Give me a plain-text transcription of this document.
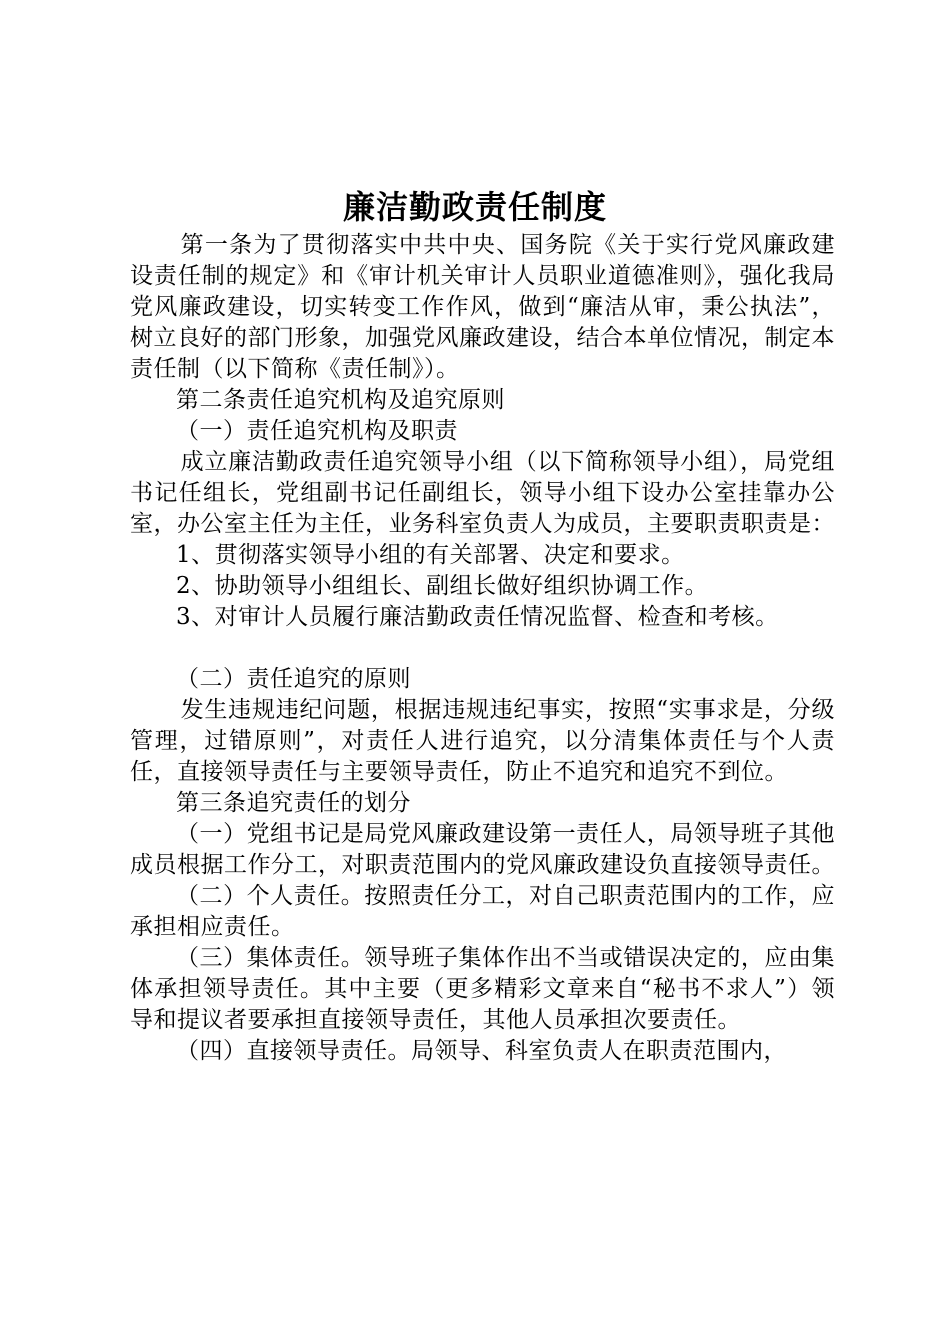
廉洁勤政责任制度

第一条为了贯彻落实中共中央、国务院《关于实行党风廉政建设责任制的规定》和《审计机关审计人员职业道德准则》，强化我局党风廉政建设，切实转变工作作风，做到“廉洁从审，秉公执法”，树立良好的部门形象，加强党风廉政建设，结合本单位情况，制定本责任制（以下简称《责任制》）。

第二条责任追究机构及追究原则

（一）责任追究机构及职责

成立廉洁勤政责任追究领导小组（以下简称领导小组），局党组书记任组长，党组副书记任副组长，领导小组下设办公室挂靠办公室，办公室主任为主任，业务科室负责人为成员，主要职责职责是：

1、贯彻落实领导小组的有关部署、决定和要求。

2、协助领导小组组长、副组长做好组织协调工作。

3、对审计人员履行廉洁勤政责任情况监督、检查和考核。

（二）责任追究的原则

发生违规违纪问题，根据违规违纪事实，按照“实事求是，分级管理，过错原则”，对责任人进行追究，以分清集体责任与个人责任，直接领导责任与主要领导责任，防止不追究和追究不到位。

第三条追究责任的划分

（一）党组书记是局党风廉政建设第一责任人，局领导班子其他成员根据工作分工，对职责范围内的党风廉政建设负直接领导责任。

（二）个人责任。按照责任分工，对自己职责范围内的工作，应承担相应责任。

（三）集体责任。领导班子集体作出不当或错误决定的，应由集体承担领导责任。其中主要（更多精彩文章来自“秘书不求人”）领导和提议者要承担直接领导责任，其他人员承担次要责任。

（四）直接领导责任。局领导、科室负责人在职责范围内，
